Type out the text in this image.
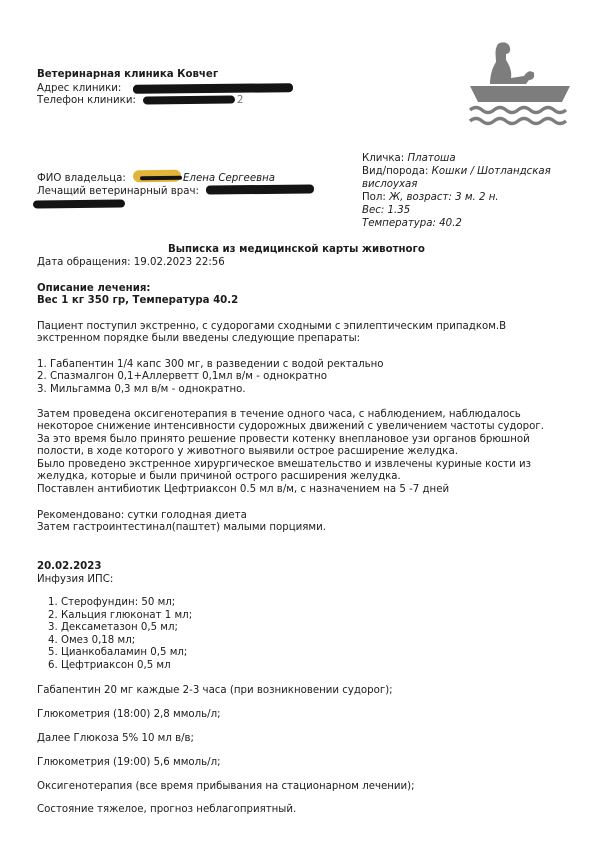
Ветеринарная клиника Ковчег
Адрес клиники:
Телефон клиники:	2
ФИО владельца:	Елена Сергеевна
Лечащий ветеринарный врач:
Кличка: Платоша
Вид/порода: Кошки / Шотландская
вислоухая
Пол: Ж, возраст: 3 м. 2 н.
Вес: 1.35
Температура: 40.2
Выписка из медицинской карты животного
Дата обращения: 19.02.2023 22:56
Описание лечения:
Вес 1 кг 350 гр, Температура 40.2
Пациент поступил экстренно, с судорогами сходными с эпилептическим припадком.В
экстренном порядке были введены следующие препараты:
1. Габапентин 1/4 капс 300 мг, в разведении с водой ректально
2. Спазмалгон 0,1+Аллерветт 0,1мл в/м - однократно
3. Мильгамма 0,3 мл в/м - однократно.
Затем проведена оксигенотерапия в течение одного часа, с наблюдением, наблюдалось
некоторое снижение интенсивности судорожных движений с увеличением частоты судорог.
За это время было принято решение провести котенку внеплановое узи органов брюшной
полости, в ходе которого у животного выявили острое расширение желудка.
Было проведено экстренное хирургическое вмешательство и извлечены куриные кости из
желудка, которые и были причиной острого расширения желудка.
Поставлен антибиотик Цефтриаксон 0.5 мл в/м, с назначением на 5 -7 дней
Рекомендовано: сутки голодная диета
Затем гастроинтестинал(паштет) малыми порциями.
20.02.2023
Инфузия ИПС:
1. Стерофундин: 50 мл;
2. Кальция глюконат 1 мл;
3. Дексаметазон 0,5 мл;
4. Омез 0,18 мл;
5. Цианкобаламин 0,5 мл;
6. Цефтриаксон 0,5 мл
Габапентин 20 мг каждые 2-3 часа (при возникновении судорог);
Глюкометрия (18:00) 2,8 ммоль/л;
Далее Глюкоза 5% 10 мл в/в;
Глюкометрия (19:00) 5,6 ммоль/л;
Оксигенотерапия (все время прибывания на стационарном лечении);
Состояние тяжелое, прогноз неблагоприятный.
